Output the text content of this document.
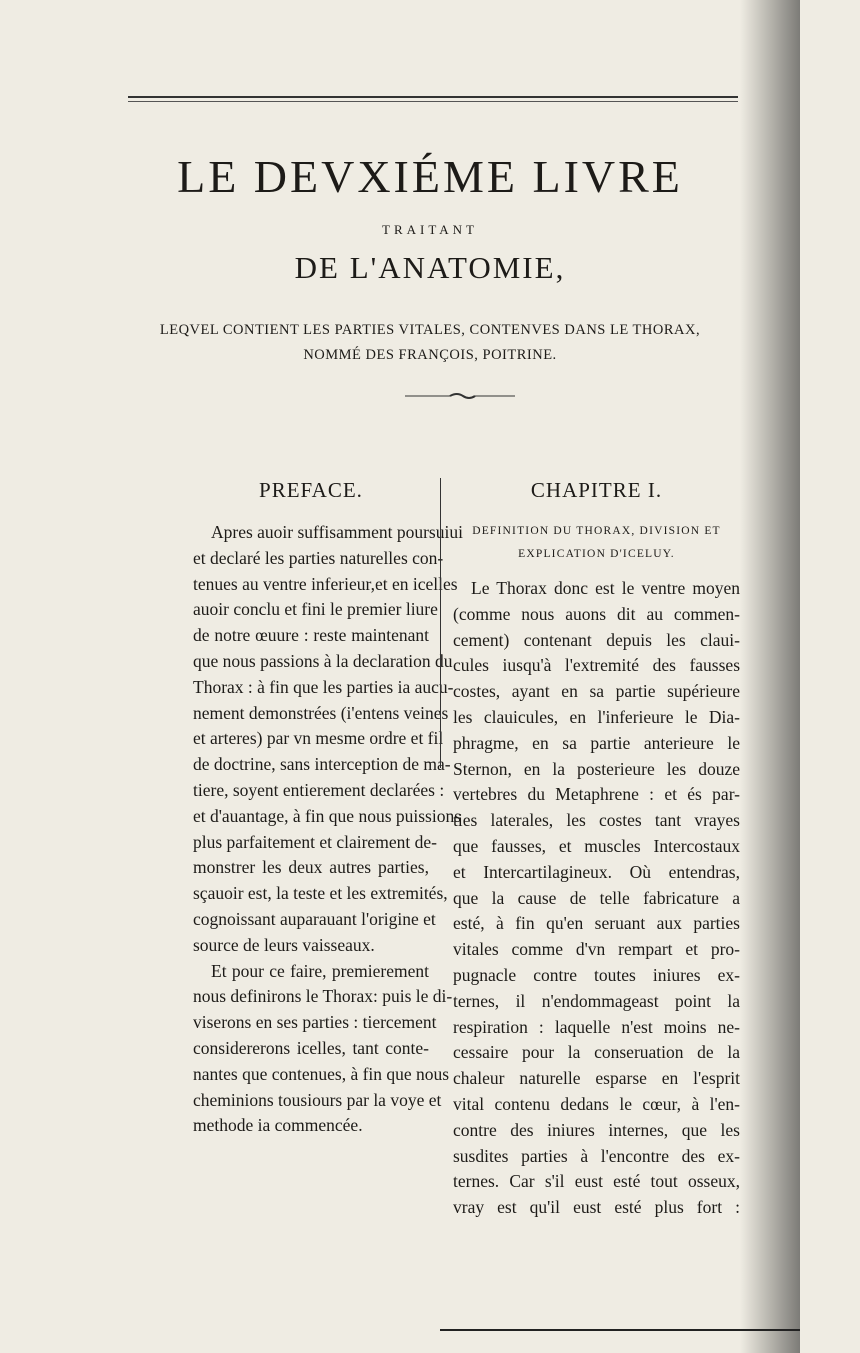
LE DEVXIÉME LIVRE
TRAITANT
DE L'ANATOMIE,
LEQVEL CONTIENT LES PARTIES VITALES, CONTENVES DANS LE THORAX,
NOMMÉ DES FRANÇOIS, POITRINE.
PREFACE.
Apres auoir suffisamment poursuiui
et declaré les parties naturelles con-
tenues au ventre inferieur,et en icelles
auoir conclu et fini le premier liure
de notre œuure : reste maintenant
que nous passions à la declaration du
Thorax : à fin que les parties ia aucu-
nement demonstrées (i'entens veines
et arteres) par vn mesme ordre et fil
de doctrine, sans interception de ma-
tiere, soyent entierement declarées :
et d'auantage, à fin que nous puissions
plus parfaitement et clairement de-
monstrer les deux autres parties,
sçauoir est, la teste et les extremités,
cognoissant auparauant l'origine et
source de leurs vaisseaux.
Et pour ce faire, premierement
nous definirons le Thorax: puis le di-
viserons en ses parties : tiercement
considererons icelles, tant conte-
nantes que contenues, à fin que nous
cheminions tousiours par la voye et
methode ia commencée.
CHAPITRE I.
DEFINITION DU THORAX, DIVISION ET
EXPLICATION D'ICELUY.
Le Thorax donc est le ventre moyen
(comme nous auons dit au commen-
cement) contenant depuis les claui-
cules iusqu'à l'extremité des fausses
costes, ayant en sa partie supérieure
les clauicules, en l'inferieure le Dia-
phragme, en sa partie anterieure le
Sternon, en la posterieure les douze
vertebres du Metaphrene : et és par-
ties laterales, les costes tant vrayes
que fausses, et muscles Intercostaux
et Intercartilagineux. Où entendras,
que la cause de telle fabricature a
esté, à fin qu'en seruant aux parties
vitales comme d'vn rempart et pro-
pugnacle contre toutes iniures ex-
ternes, il n'endommageast point la
respiration : laquelle n'est moins ne-
cessaire pour la conseruation de la
chaleur naturelle esparse en l'esprit
vital contenu dedans le cœur, à l'en-
contre des iniures internes, que les
susdites parties à l'encontre des ex-
ternes. Car s'il eust esté tout osseux,
vray est qu'il eust esté plus fort :
